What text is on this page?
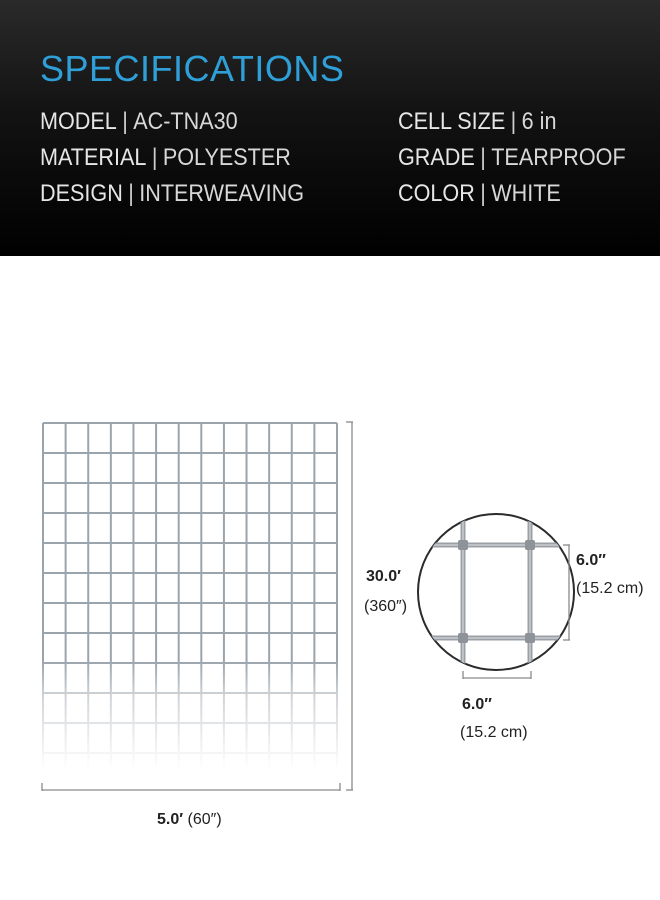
SPECIFICATIONS
MODEL | AC-TNA30
MATERIAL | POLYESTER
DESIGN | INTERWEAVING
CELL SIZE | 6 in
GRADE | TEARPROOF
COLOR | WHITE
30.0′
(360″)
5.0′ (60″)
6.0″
(15.2 cm)
6.0″
(15.2 cm)
